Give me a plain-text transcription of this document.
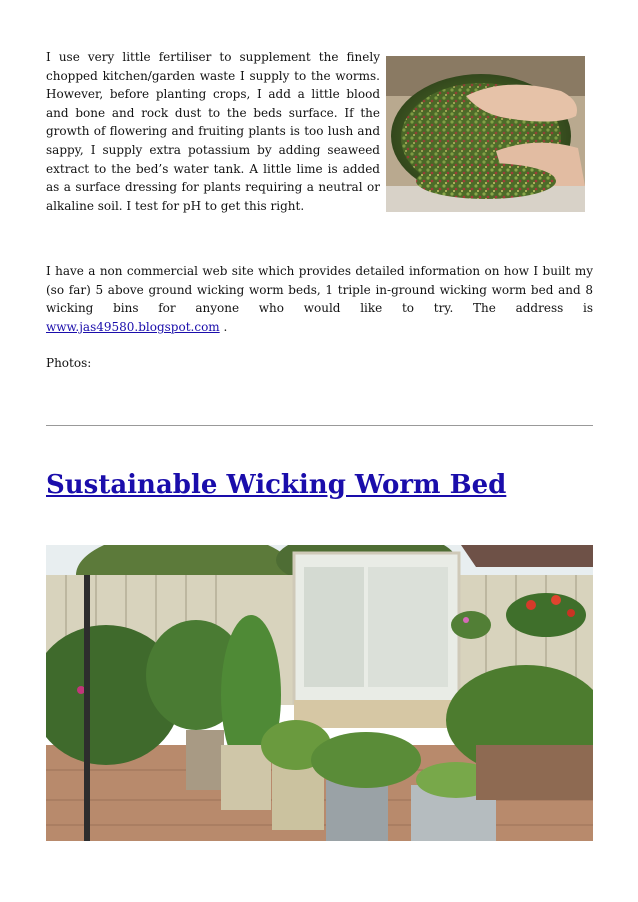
I use very little fertiliser to supplement the finely chopped kitchen/garden waste I supply to the worms. However, before planting crops, I add a little blood and bone and rock dust to the beds surface. If the growth of flowering and fruiting plants is too lush and sappy, I supply extra potassium by adding seaweed extract to the bed’s water tank. A little lime is added as a surface dressing for plants requiring a neutral or alkaline soil. I test for pH to get this right.

I have a non commercial web site which provides detailed information on how I built my (so far) 5 above ground wicking worm beds, 1 triple in-ground wicking worm bed and 8 wicking bins for anyone who would like to try. The address is www.jas49580.blogspot.com .

Photos:

Sustainable Wicking Worm Bed
